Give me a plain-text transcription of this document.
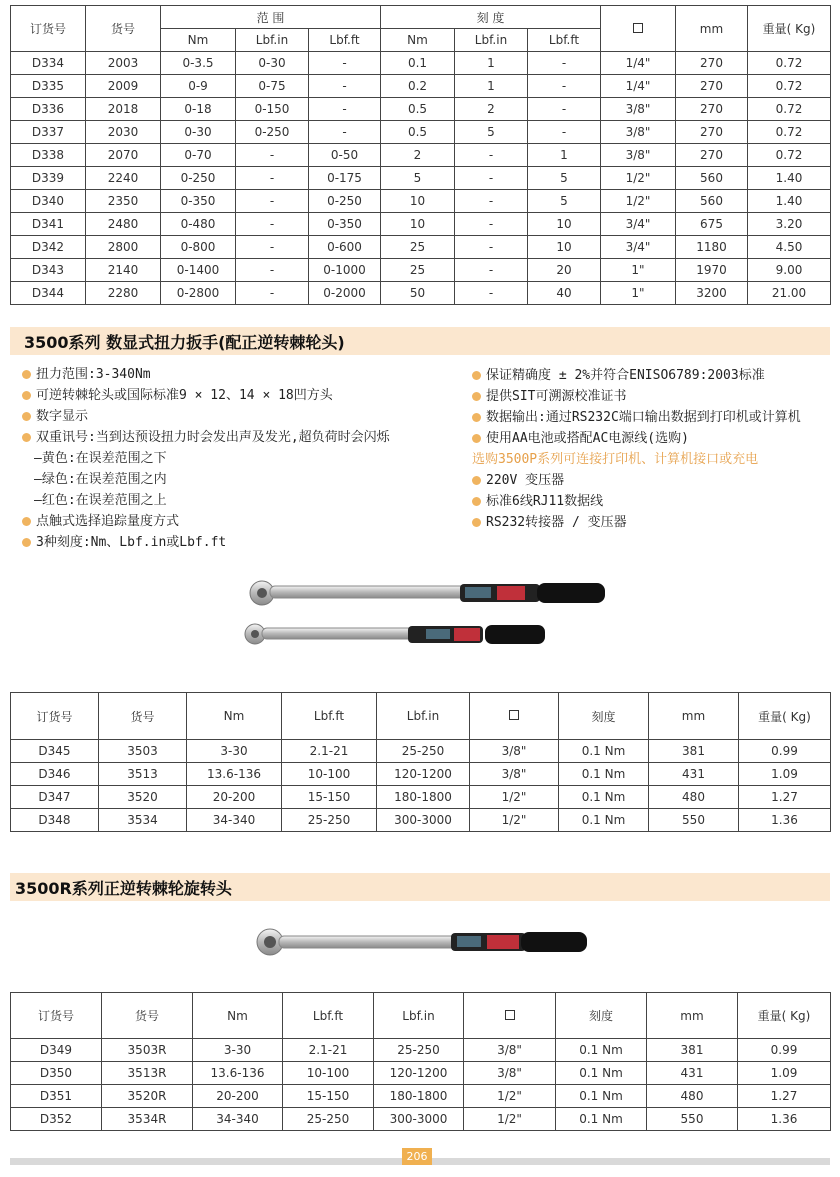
订货号	货号	范 围			刻 度				mm	重量( Kg)
		Nm	Lbf.in	Lbf.ft	Nm	Lbf.in	Lbf.ft			
D334	2003	0-3.5	0-30	-	0.1	1	-	1/4"	270	0.72
D335	2009	0-9	0-75	-	0.2	1	-	1/4"	270	0.72
D336	2018	0-18	0-150	-	0.5	2	-	3/8"	270	0.72
D337	2030	0-30	0-250	-	0.5	5	-	3/8"	270	0.72
D338	2070	0-70	-	0-50	2	-	1	3/8"	270	0.72
D339	2240	0-250	-	0-175	5	-	5	1/2"	560	1.40
D340	2350	0-350	-	0-250	10	-	5	1/2"	560	1.40
D341	2480	0-480	-	0-350	10	-	10	3/4"	675	3.20
D342	2800	0-800	-	0-600	25	-	10	3/4"	1180	4.50
D343	2140	0-1400	-	0-1000	25	-	20	1"	1970	9.00
D344	2280	0-2800	-	0-2000	50	-	40	1"	3200	21.00
3500系列 数显式扭力扳手(配正逆转棘轮头)
扭力范围:3-340Nm
可逆转棘轮头或国际标准9 × 12、14 × 18凹方头
数字显示
双重讯号:当到达预设扭力时会发出声及发光,超负荷时会闪烁
—黄色:在误差范围之下
—绿色:在误差范围之内
—红色:在误差范围之上
点触式选择追踪量度方式
3种刻度:Nm、Lbf.in或Lbf.ft
保证精确度 ± 2%并符合ENISO6789:2003标准
提供SIT可溯源校准证书
数据输出:通过RS232C端口输出数据到打印机或计算机
使用AA电池或搭配AC电源线(选购)
选购3500P系列可连接打印机、计算机接口或充电
220V 变压器
标准6线RJ11数据线
RS232转接器 / 变压器
订货号	货号	Nm	Lbf.ft	Lbf.in		刻度	mm	重量( Kg)
D345	3503	3-30	2.1-21	25-250	3/8"	0.1 Nm	381	0.99
D346	3513	13.6-136	10-100	120-1200	3/8"	0.1 Nm	431	1.09
D347	3520	20-200	15-150	180-1800	1/2"	0.1 Nm	480	1.27
D348	3534	34-340	25-250	300-3000	1/2"	0.1 Nm	550	1.36
3500R系列正逆转棘轮旋转头
订货号	货号	Nm	Lbf.ft	Lbf.in		刻度	mm	重量( Kg)
D349	3503R	3-30	2.1-21	25-250	3/8"	0.1 Nm	381	0.99
D350	3513R	13.6-136	10-100	120-1200	3/8"	0.1 Nm	431	1.09
D351	3520R	20-200	15-150	180-1800	1/2"	0.1 Nm	480	1.27
D352	3534R	34-340	25-250	300-3000	1/2"	0.1 Nm	550	1.36
206
